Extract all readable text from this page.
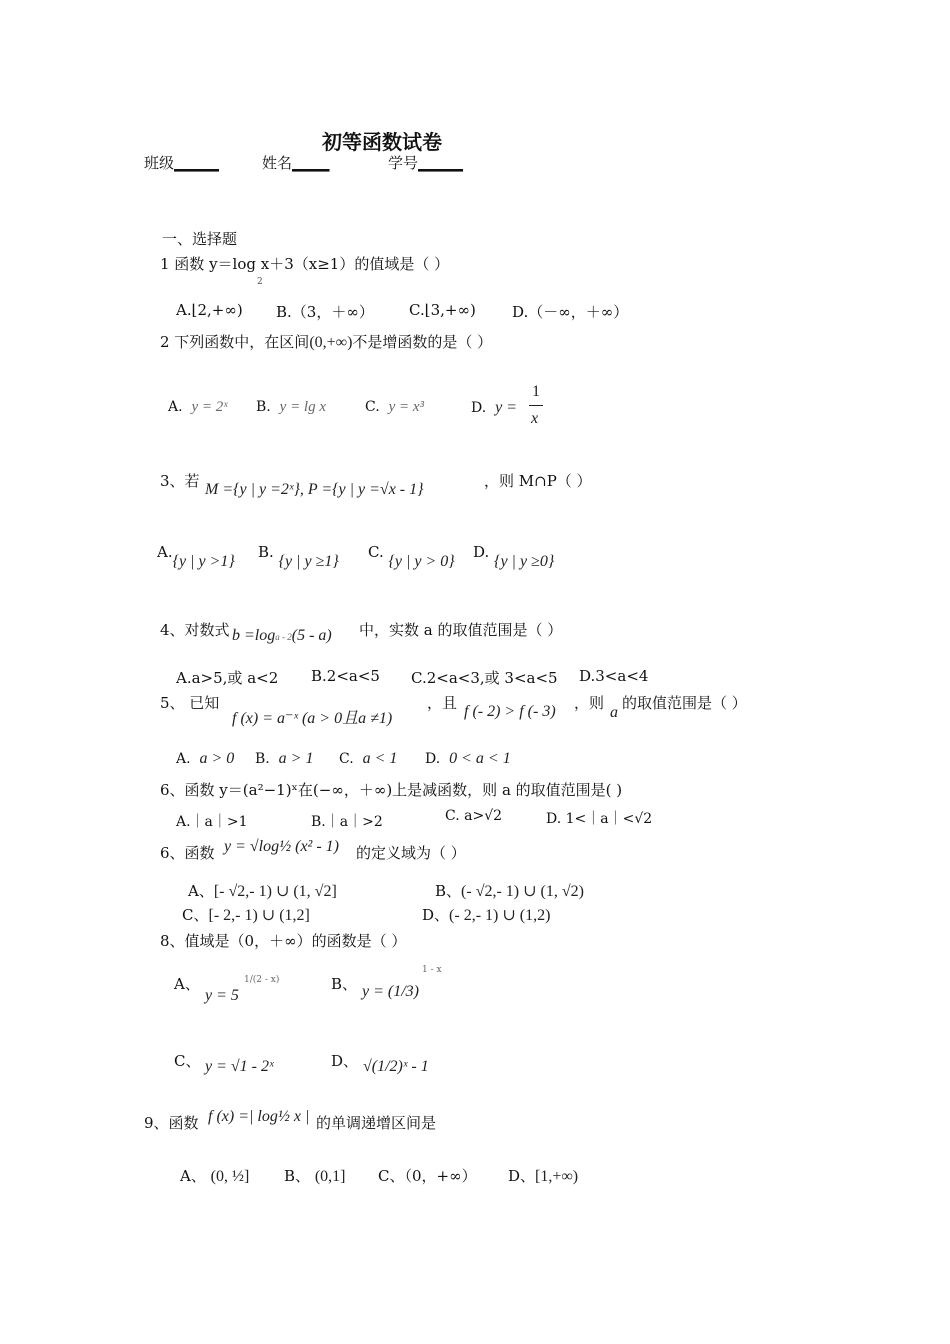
初等函数试卷
班级______	姓名_____	学号______
一、选择题
1 函数 y＝log x＋3（x≥1）的值域是（ ）
2
A.⌊2,+∞) B.（3，＋∞） C.⌊3,+∞) D.（－∞，＋∞）
2 下列函数中，在区间(0,+∞)不是增函数的是（ ）
A. y = 2ˣ B. y = lg x	C. y = x³	D. y =
1
x
3、若 M ={y | y =2ˣ}, P ={y | y =√x - 1}	，则 M∩P（ ）
A.{y | y >1}
B. {y | y ≥1}
C. {y | y > 0}
D. {y | y ≥0}
4、对数式 b =loga - 2(5 - a) 中，实数 a 的取值范围是（ ）
A.a>5,或 a<2 B.2<a<5 C.2<a<3,或 3<a<5 D.3<a<4
5、 已知
f (x) = a⁻ˣ (a > 0且a ≠1)
，且 f (- 2) > f (- 3) ，则
a
的取值范围是（ ）
A. a > 0 B. a > 1 C. a < 1 D. 0 < a < 1
6、函数 y＝(a²−1)ˣ在(−∞，＋∞)上是减函数，则 a 的取值范围是( )
A.｜a｜>1	B.｜a｜>2	C. a>√2	D. 1<｜a｜<√2
6、函数 y = √log½ (x² - 1) 的定义域为（ ）
A、[- √2,- 1) ∪ (1, √2]	B、(- √2,- 1) ∪ (1, √2)
C、[- 2,- 1) ∪ (1,2]	D、(- 2,- 1) ∪ (1,2)
8、值域是（0，＋∞）的函数是（ ）
A、
y = 5
1/(2 - x)	B、 y = (1/3)
1 - x
C、 y = √1 - 2ˣ	D、 √(1/2)ˣ - 1
9、函数 f (x) =| log½ x | 的单调递增区间是
A、 (0, ½] B、 (0,1] C、（0，+∞） D、[1,+∞)
